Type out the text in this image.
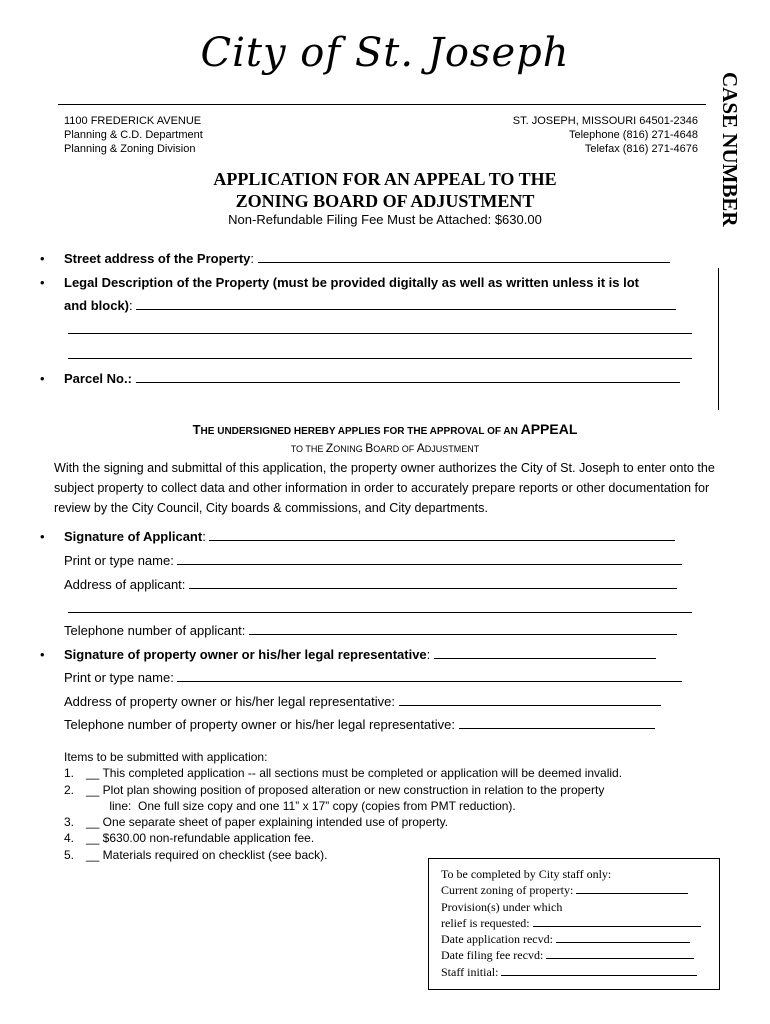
City of St. Joseph
1100 FREDERICK AVENUE
Planning & C.D. Department
Planning & Zoning Division
ST. JOSEPH, MISSOURI 64501-2346
Telephone (816) 271-4648
Telefax (816) 271-4676 CASE NUMBER
APPLICATION FOR AN APPEAL TO THE
ZONING BOARD OF ADJUSTMENT
Non-Refundable Filing Fee Must be Attached: $630.00
• Street address of the Property:
• Legal Description of the Property (must be provided digitally as well as written unless it is lot
and block):
• Parcel No.:
THE UNDERSIGNED HEREBY APPLIES FOR THE APPROVAL OF AN APPEAL
TO THE ZONING BOARD OF ADJUSTMENT
With the signing and submittal of this application, the property owner authorizes the City of St. Joseph to enter onto the subject property to collect data and other information in order to accurately prepare reports or other documentation for review by the City Council, City boards & commissions, and City departments.
• Signature of Applicant:
Print or type name:
Address of applicant:
Telephone number of applicant:
• Signature of property owner or his/her legal representative:
Print or type name:
Address of property owner or his/her legal representative:
Telephone number of property owner or his/her legal representative:
Items to be submitted with application:
1. __ This completed application -- all sections must be completed or application will be deemed invalid.
2. __ Plot plan showing position of proposed alteration or new construction in relation to the property
line:  One full size copy and one 11” x 17” copy (copies from PMT reduction).
3. __ One separate sheet of paper explaining intended use of property.
4. __ $630.00 non-refundable application fee.
5. __ Materials required on checklist (see back).
To be completed by City staff only:
Current zoning of property:
Provision(s) under which
relief is requested:
Date application recvd:
Date filing fee recvd:
Staff initial:
